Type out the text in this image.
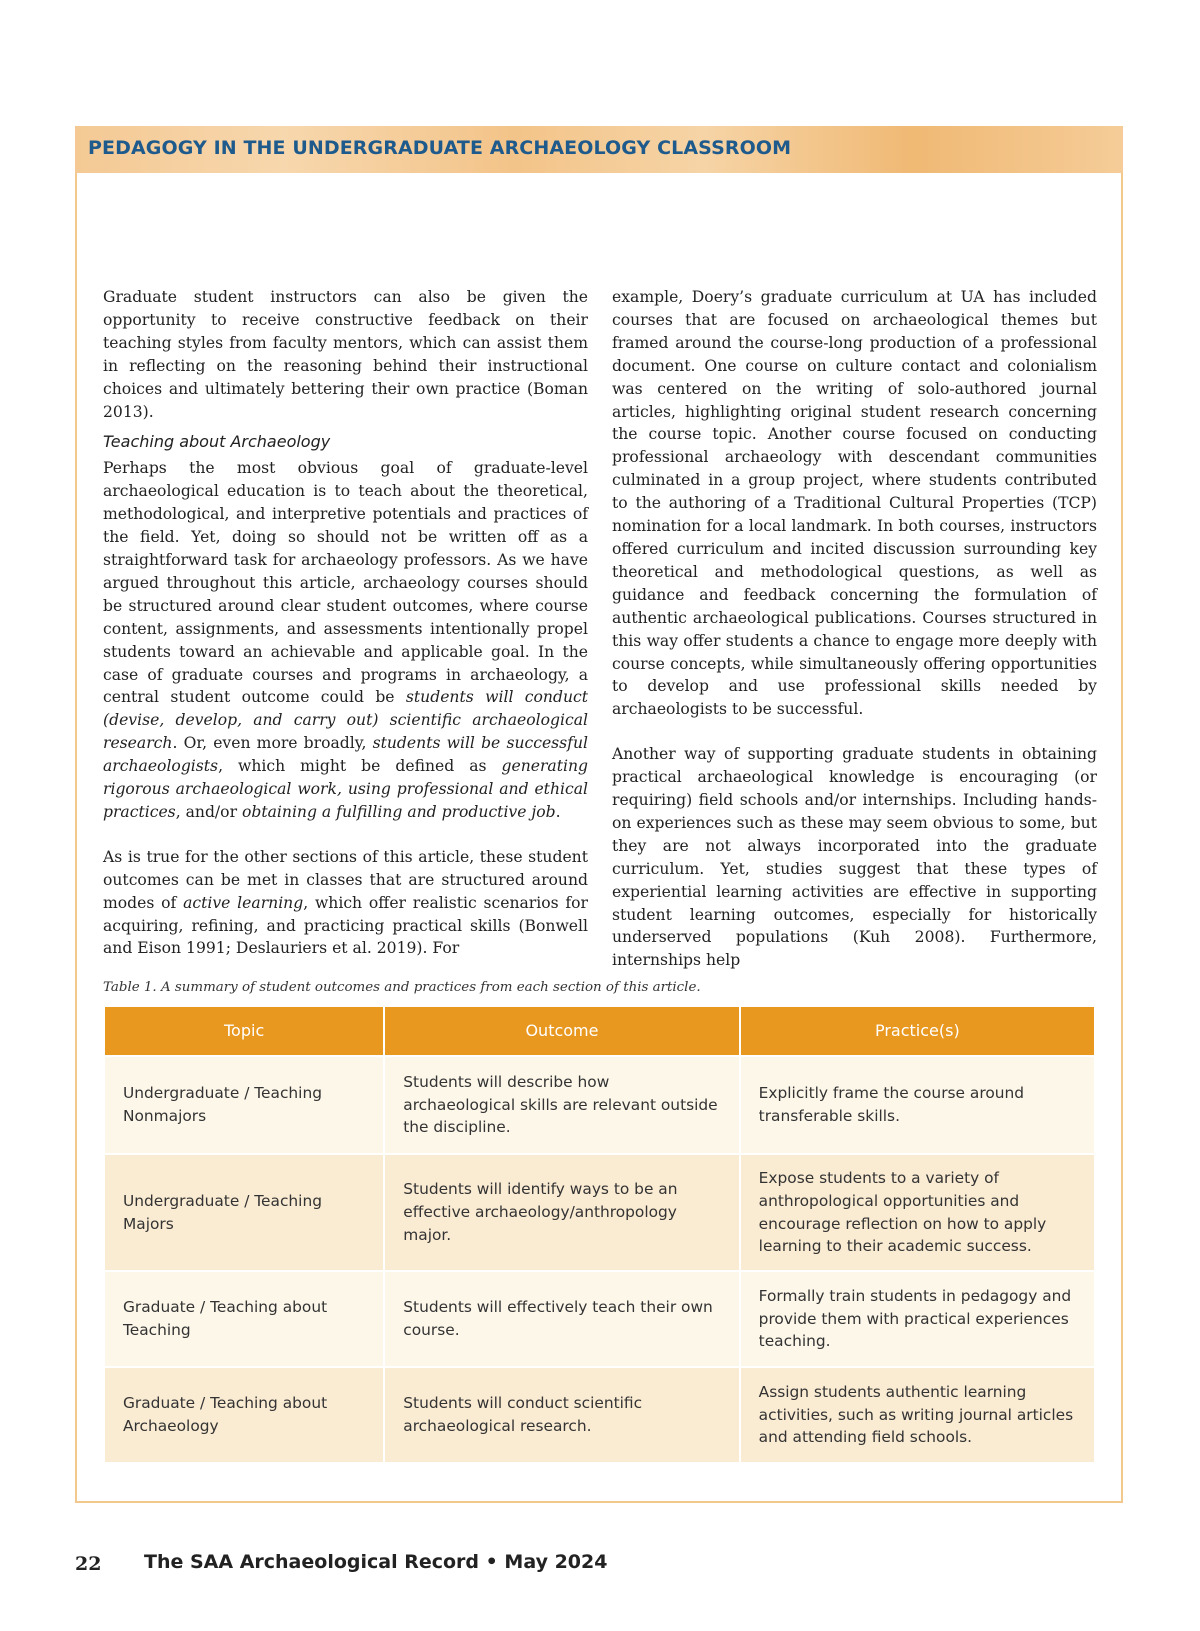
PEDAGOGY IN THE UNDERGRADUATE ARCHAEOLOGY CLASSROOM

Graduate student instructors can also be given the opportunity to receive constructive feedback on their teaching styles from faculty mentors, which can assist them in reflecting on the reasoning behind their instructional choices and ultimately bettering their own practice (Boman 2013).

Teaching about Archaeology

Perhaps the most obvious goal of graduate-level archaeological education is to teach about the theoretical, methodological, and interpretive potentials and practices of the field. Yet, doing so should not be written off as a straightforward task for archaeology professors. As we have argued throughout this article, archaeology courses should be structured around clear student outcomes, where course content, assignments, and assessments intentionally propel students toward an achievable and applicable goal. In the case of graduate courses and programs in archaeology, a central student outcome could be students will conduct (devise, develop, and carry out) scientific archaeological research. Or, even more broadly, students will be successful archaeologists, which might be defined as generating rigorous archaeological work, using professional and ethical practices, and/or obtaining a fulfilling and productive job.

As is true for the other sections of this article, these student outcomes can be met in classes that are structured around modes of active learning, which offer realistic scenarios for acquiring, refining, and practicing practical skills (Bonwell and Eison 1991; Deslauriers et al. 2019). For

example, Doery’s graduate curriculum at UA has included courses that are focused on archaeological themes but framed around the course-long production of a professional document. One course on culture contact and colonialism was centered on the writing of solo-authored journal articles, highlighting original student research concerning the course topic. Another course focused on conducting professional archaeology with descendant communities culminated in a group project, where students contributed to the authoring of a Traditional Cultural Properties (TCP) nomination for a local landmark. In both courses, instructors offered curriculum and incited discussion surrounding key theoretical and methodological questions, as well as guidance and feedback concerning the formulation of authentic archaeological publications. Courses structured in this way offer students a chance to engage more deeply with course concepts, while simultaneously offering opportunities to develop and use professional skills needed by archaeologists to be successful.

Another way of supporting graduate students in obtaining practical archaeological knowledge is encouraging (or requiring) field schools and/or internships. Including hands-on experiences such as these may seem obvious to some, but they are not always incorporated into the graduate curriculum. Yet, studies suggest that these types of experiential learning activities are effective in supporting student learning outcomes, especially for historically underserved populations (Kuh 2008). Furthermore, internships help

Table 1. A summary of student outcomes and practices from each section of this article.
Topic	Outcome	Practice(s)
Undergraduate / Teaching Nonmajors	Students will describe how archaeological skills are relevant outside the discipline.	Explicitly frame the course around transferable skills.
Undergraduate / Teaching Majors	Students will identify ways to be an effective archaeology/anthropology major.	Expose students to a variety of anthropological opportunities and encourage reflection on how to apply learning to their academic success.
Graduate / Teaching about Teaching	Students will effectively teach their own course.	Formally train students in pedagogy and provide them with practical experiences teaching.
Graduate / Teaching about Archaeology	Students will conduct scientific archaeological research.	Assign students authentic learning activities, such as writing journal articles and attending field schools.
22 The SAA Archaeological Record • May 2024
